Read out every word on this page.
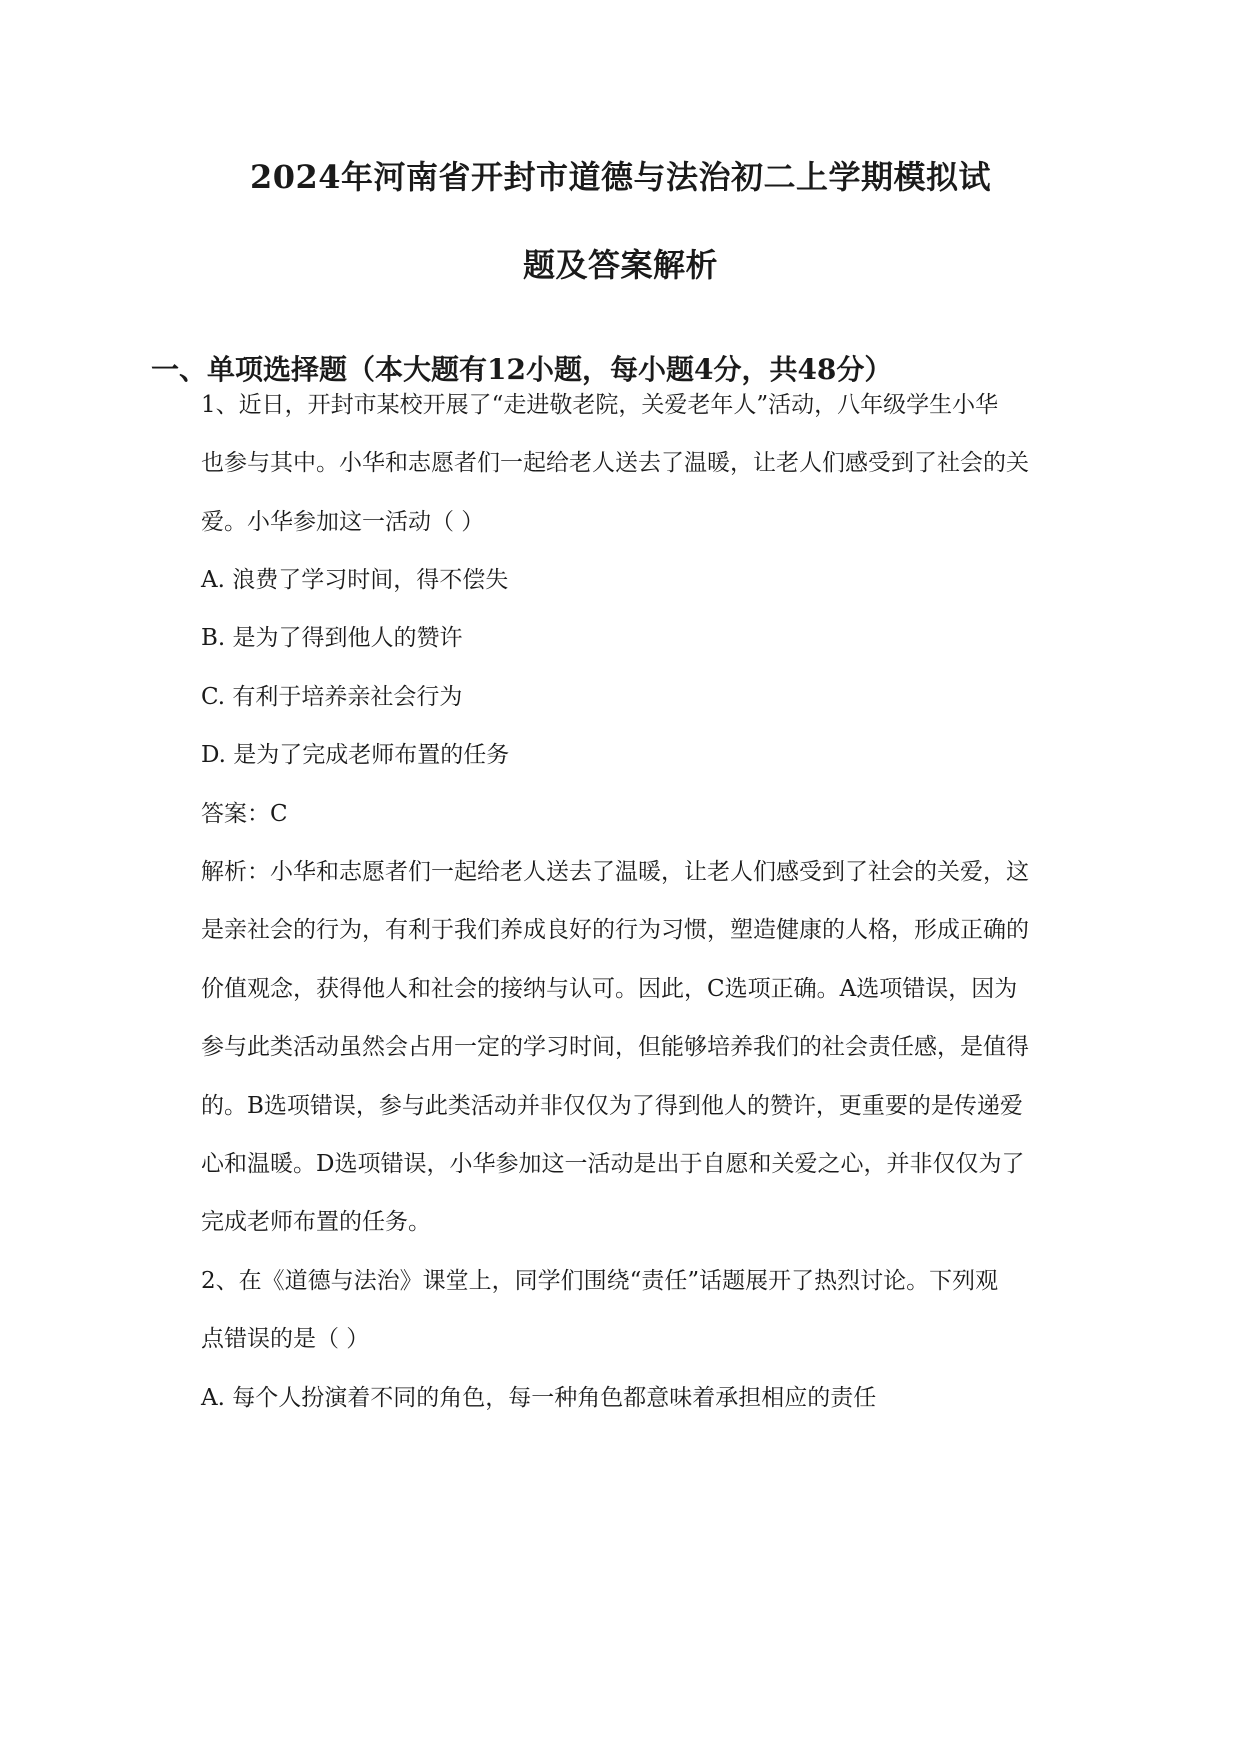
2024年河南省开封市道德与法治初二上学期模拟试
题及答案解析
一、单项选择题（本大题有12小题，每小题4分，共48分）
1、近日，开封市某校开展了“走进敬老院，关爱老年人”活动，八年级学生小华
也参与其中。小华和志愿者们一起给老人送去了温暖，让老人们感受到了社会的关
爱。小华参加这一活动（ ）
A. 浪费了学习时间，得不偿失
B. 是为了得到他人的赞许
C. 有利于培养亲社会行为
D. 是为了完成老师布置的任务
答案：C
解析：小华和志愿者们一起给老人送去了温暖，让老人们感受到了社会的关爱，这
是亲社会的行为，有利于我们养成良好的行为习惯，塑造健康的人格，形成正确的
价值观念，获得他人和社会的接纳与认可。因此，C选项正确。A选项错误，因为
参与此类活动虽然会占用一定的学习时间，但能够培养我们的社会责任感，是值得
的。B选项错误，参与此类活动并非仅仅为了得到他人的赞许，更重要的是传递爱
心和温暖。D选项错误，小华参加这一活动是出于自愿和关爱之心，并非仅仅为了
完成老师布置的任务。
2、在《道德与法治》课堂上，同学们围绕“责任”话题展开了热烈讨论。下列观
点错误的是（ ）
A. 每个人扮演着不同的角色，每一种角色都意味着承担相应的责任
